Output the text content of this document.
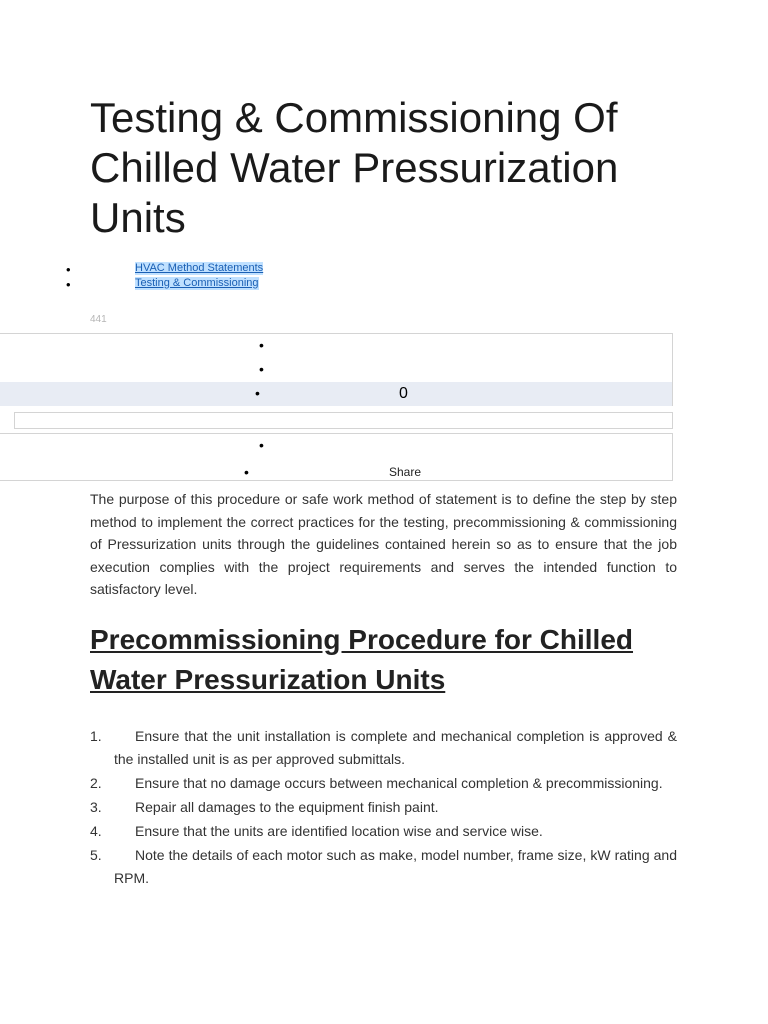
Testing & Commissioning Of Chilled Water Pressurization Units
•	HVAC Method Statements
•	Testing & Commissioning
441
•
•
•	0
•
•	Share

The purpose of this procedure or safe work method of statement is to define the step by step method to implement the correct practices for the testing, precommissioning & commissioning of Pressurization units through the guidelines contained herein so as to ensure that the job execution complies with the project requirements and serves the intended function to satisfactory level.

Precommissioning Procedure for Chilled Water Pressurization Units
1.	Ensure that the unit installation is complete and mechanical completion is approved & the installed unit is as per approved submittals.
2.	Ensure that no damage occurs between mechanical completion & precommissioning.
3.	Repair all damages to the equipment finish paint.
4.	Ensure that the units are identified location wise and service wise.
5.	Note the details of each motor such as make, model number, frame size, kW rating and RPM.
